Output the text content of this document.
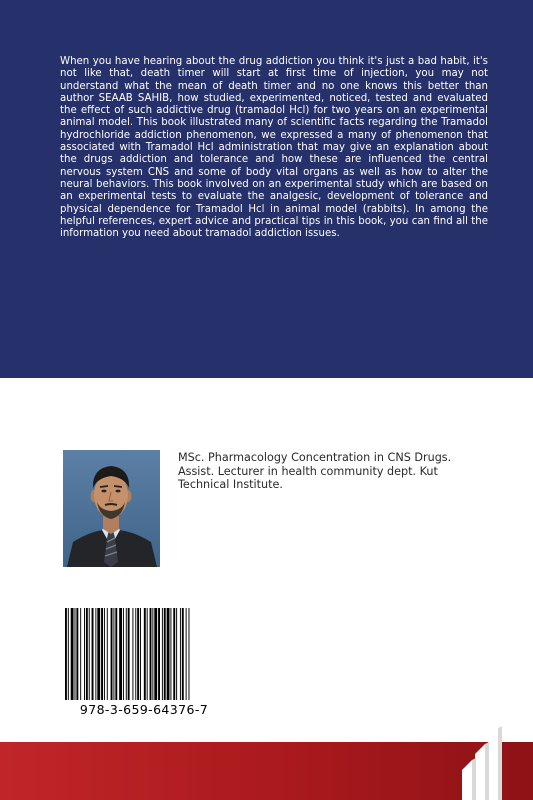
When you have hearing about the drug addiction you think it's just a bad habit, it's not like that, death timer will start at first time of injection, you may not understand what the mean of death timer and no one knows this better than author SEAAB SAHIB, how studied, experimented, noticed, tested and evaluated the effect of such addictive drug (tramadol Hcl) for two years on an experimental animal model. This book illustrated many of scientific facts regarding the Tramadol hydrochloride addiction phenomenon, we expressed a many of phenomenon that associated with Tramadol Hcl administration that may give an explanation about the drugs addiction and tolerance and how these are influenced the central nervous system CNS and some of body vital organs as well as how to alter the neural behaviors. This book involved on an experimental study which are based on an experimental tests to evaluate the analgesic, development of tolerance and physical dependence for Tramadol Hcl in animal model (rabbits). In among the helpful references, expert advice and practical tips in this book, you can find all the information you need about tramadol addiction issues.

MSc. Pharmacology Concentration in CNS Drugs. Assist. Lecturer in health community dept. Kut Technical Institute.

978-3-659-64376-7
